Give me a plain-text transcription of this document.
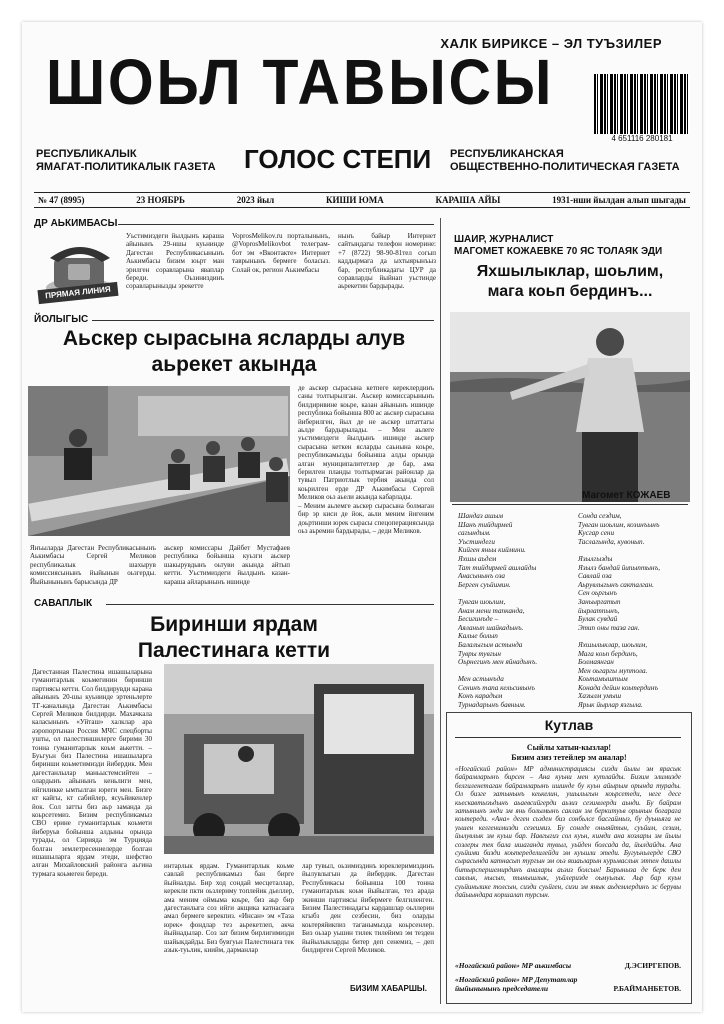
ХАЛК БИРИКСЕ – ЭЛ ТУЪЗИЛЕР
ШОЬЛ ТАВЫСЫ
4 651116 280181
РЕСПУБЛИКАЛЫК
ЯМАГАТ-ПОЛИТИКАЛЫК ГАЗЕТА ГОЛОС СТЕПИ РЕСПУБЛИКАНСКАЯ
ОБЩЕСТВЕННО-ПОЛИТИЧЕСКАЯ ГАЗЕТА
№ 47 (8995)	23 НОЯБРЬ	2023 йыл	КИШИ ЮМА	КАРАША АЙЫ	1931-нши йылдан алып шыгады
ДР АЬКИМБАСЫ
ПРЯМАЯ ЛИНИЯ
Уьстимиздеги йылдынъ караша айынынъ 29-ншы куьнинде Дагестан Республикасынынъ Аькимбасы бизим юьрт ман эрилген соравларына яваплар береди. Оьзиниздинъ соравларынызды эрекетте
VoprosMelikov.ru порталынынъ, @VoprosMelikovbot телеграм-бот эм «Вконтакте» Интернет таврынынъ бермеге боласыз. Солай ок, регион Аькимбасы
нынъ байыр Интернет сайтындагы телефон номерине: +7 (8722) 98-90-81тел согып каддырмага да ыхтыярынъыз бар, республикадагы ЦУР да соравларды йыйнап уьстинде аьрекетин бардырады.
ЙОЛЫГЫС
Аьскер сырасына ясларды алув
аьрекет акында
де аьскер сырасына кетпеге кереклердинъ саны толтырылган. Аьскер комиссарынынъ билдиривине коьре, казан айынынъ ишинде республика бойынша 800 ас аьскер сырасына йиберилген, йыл де не аьскер штаттагы аьлде бардырылады. – Мен аьлеге уьстимиздеги йылдынъ ишинде аьскер сырасына кеткен ясларды саьнына коьре, республикамызды бойынша алды орында алган муниципалитетлер де бар, ама берилген планды толтырмаган районлар да тувыл Патриотлык тербия акында сол коьрилген ерде ДР Аькимбасы Сергей Меликов оьз аьели акында кабарлады.
– Меним аьлемге аьскер сырасына болмаган бир эр киси де йок, аьли меним йигеним доьртинши юрек сырасы спецоперациясында оьз аьремин бардырады, – деди Меликов.
Янъыларда Дагестан Республикасынынъ Аькимбасы Сергей Меликов республикалык шахырув комиссиясынынъ йыйынын оьзгерды. Йыйынынынъ барысында ДР
аьскер комиссары Дайбет Мустафаев республика бойынша куьзги аьскер шакырувдынъ оьтуви акында айтып кетти. Уьстимиздеги йылдынъ казан-караша айларынынъ ишинде
ШАИР, ЖУРНАЛИСТ
МАГОМЕТ КОЖАЕВКЕ 70 ЯС ТОЛАЯК ЭДИ
Яхшылыклар, шоьлим,
мага коьп бердинъ...
Магомет КОЖАЕВ
Шандаз ашым
Шанъ тийдирмей
сагындым.
Уьстиндеги
Кийген яньы киймини.
Яхшы аьдем
Тат тийдирмей ашлайды
Анасынынъ оза
Берген суьйимин.

Тувган шоьлим,
Анам мени тапканда,
Бесигинъде –
Аяланып шайкадынъ.
Калые болып
Балалыгым астында
Тувры тувгын
Оьрнегинъ мен яйнадынъ.

Мен астынъда
Сенинъ тапа кельсивынъ
Конъ карадым
Турнадарынъ бавным.
Сонда сездим,
Тувган шоьлим, козинъынъ
Кусгар сени
Таслагында, кувонып.

Язылгызды
Язылз бандай йипыптынъ,
Савлай оза
Аьрувлыгынъ сакталган.
Сен оьргынъ
Заньыргатып
йырлатпынъ,
Булак сувдай
Этип оны таза ган.

Яхшылыклар, шоьлим,
Мага коьп бердинъ,
Болмаянган
Мен оьгаргы муптола.
Коьтамыштым
Конада дейин коьтердинъ
Хазылм умыш
Ярык йырлар язгыла.
САВАПЛЫК
Биринши ярдам
Палестинага кетти
Дагестанная Палестина ишашыларына гуманитарлык коьмегинин биринши партиясы кетти. Сол билдирувди карана айынынъ 20-шы куьнинде эртеньлерте ТГ-каналында Дагестан Аькимбасы Сергей Меликов билдирди. Махачкала каласынынъ «Уйташ» халклар ара аэропортынан Россия МЧС спецборты ушты, ол палестиншилерге бирими 30 тонна гуманитарлык коьм аькетти. – Буьгуьн биз Палестина ишашыларга биринши коьметимизди йибердик. Мен дагестанлылар маньыстемсийтен – олардынъ айынынъ кеньлиги мен, ийгиликке ымтылган юреги мен. Бизге кт кайгы, кт сабийлер, ясуьйикенлер йок. Сол затты биз аьр заманда да коьрсетемиз. Бизим республикамыз СВО ерине гуманитарлык коьмети йиберуьв бойынша алдыны орында турады, ол Сирияда эм Турцияда болган землетресениелерде болган ишашыларга ярдам этеди, шефство алган Михайловский районга аьгина турмага коьмеген береди.
интарлык ярдам. Гуманитарлык коьме савлай республикамыз бан бирге йыйналды. Бир ход сондай месцеталлар, керекли пкти оьзлериму топлейик дьеллер, ама меним оймыма коьре, биз аьр бир дагестанлыга соз ийги акщика катнасаага амал бермеге керекпиз. «Инсан» эм «Таза юрек» фондлар тез аьрекетлеп, акча йыйнадылар. Соз зат бизим бирлигимизди шайыкдайды. Биз бувгуьн Палестинага тек азык-туьлик, киийм, дарманлар
лар тувыл, оьзимиздинъ юреклеримиздинъ йылувлыгын да йибердик. Дагестан Республикасы бойынша 100 тонна гуманитарлык коьм йыйылган, тез арада экинши партиясы йибермеге белгиленген. Бизим Палестинадагы кардашлар оьллерин кгыбз ден сезбесин, биз оларды коьтеряйикпиз таганымызда коьрсенлер. Биз оьзар уьшин тилек тилейимз эм тезден йыйылыкларды битер деп сенемиз, – деп билдирген Сергей Меликов.
БИЗИМ ХАБАРШЫ.
Кутлав
Сыйлы хатын-кызлар!
Бизим азиз тетейлер эм аналар!
«Ногайский район» МР администрациясы сизди йылы эм ярасык байрамларынъ бирсен – Ана куьни мен кутлайды. Бизим элимизде белгиленетаган байрамларынъ ишинде бу куьн айырым орында турады. Ол бизге затынынъ кеькелин, ушылыгын коьрсетеди, неге десе кьескавтызьдынъ аьаевсийгерди аьзиз сезимлерди аьнди. Бу байрам затынынъ энди эм янь болымынъ саклан эм беркитуьв орынын богарага коьтереди. «Ана» деген сьзден биз сонбьлсе басгаймыз, бу дуьньяга не уьшен келгенимизди сезеимиз. Бу сонлде оныяйтын, суьйим, сезим, йылувлык эм куьш бар. Навгыгиз сол куьн, кимди ана козлары эм йылы созлеры тек бала ишаганда тувыл, уьйден болсада да, йылдайды. Ана суьйими бизди коьтеределилейди эм куьшли этеди. Бугуьньлерде СВО сырасында катнасып тургын эм оьз яшаьларын курьмаслык этпен дашлы битырспершемирдинъ аналары аьзиз болсын! Барыныза де берк ден савлык, нысып, тынышлык, уьйлеризде оьмуьлык. Аьр бар куьн суьйиньлике толсын, сизди суьйген, сизи эм янык аьдемлердинъ эс берувы дайыындара коршалап турсын.
«Ногайский район» МР аькимбасы	Д.ЭСИРГЕПОВ.
«Ногайский район» МР Депутатлар йыйынынынъ председатели	Р.БАЙМАНБЕТОВ.
